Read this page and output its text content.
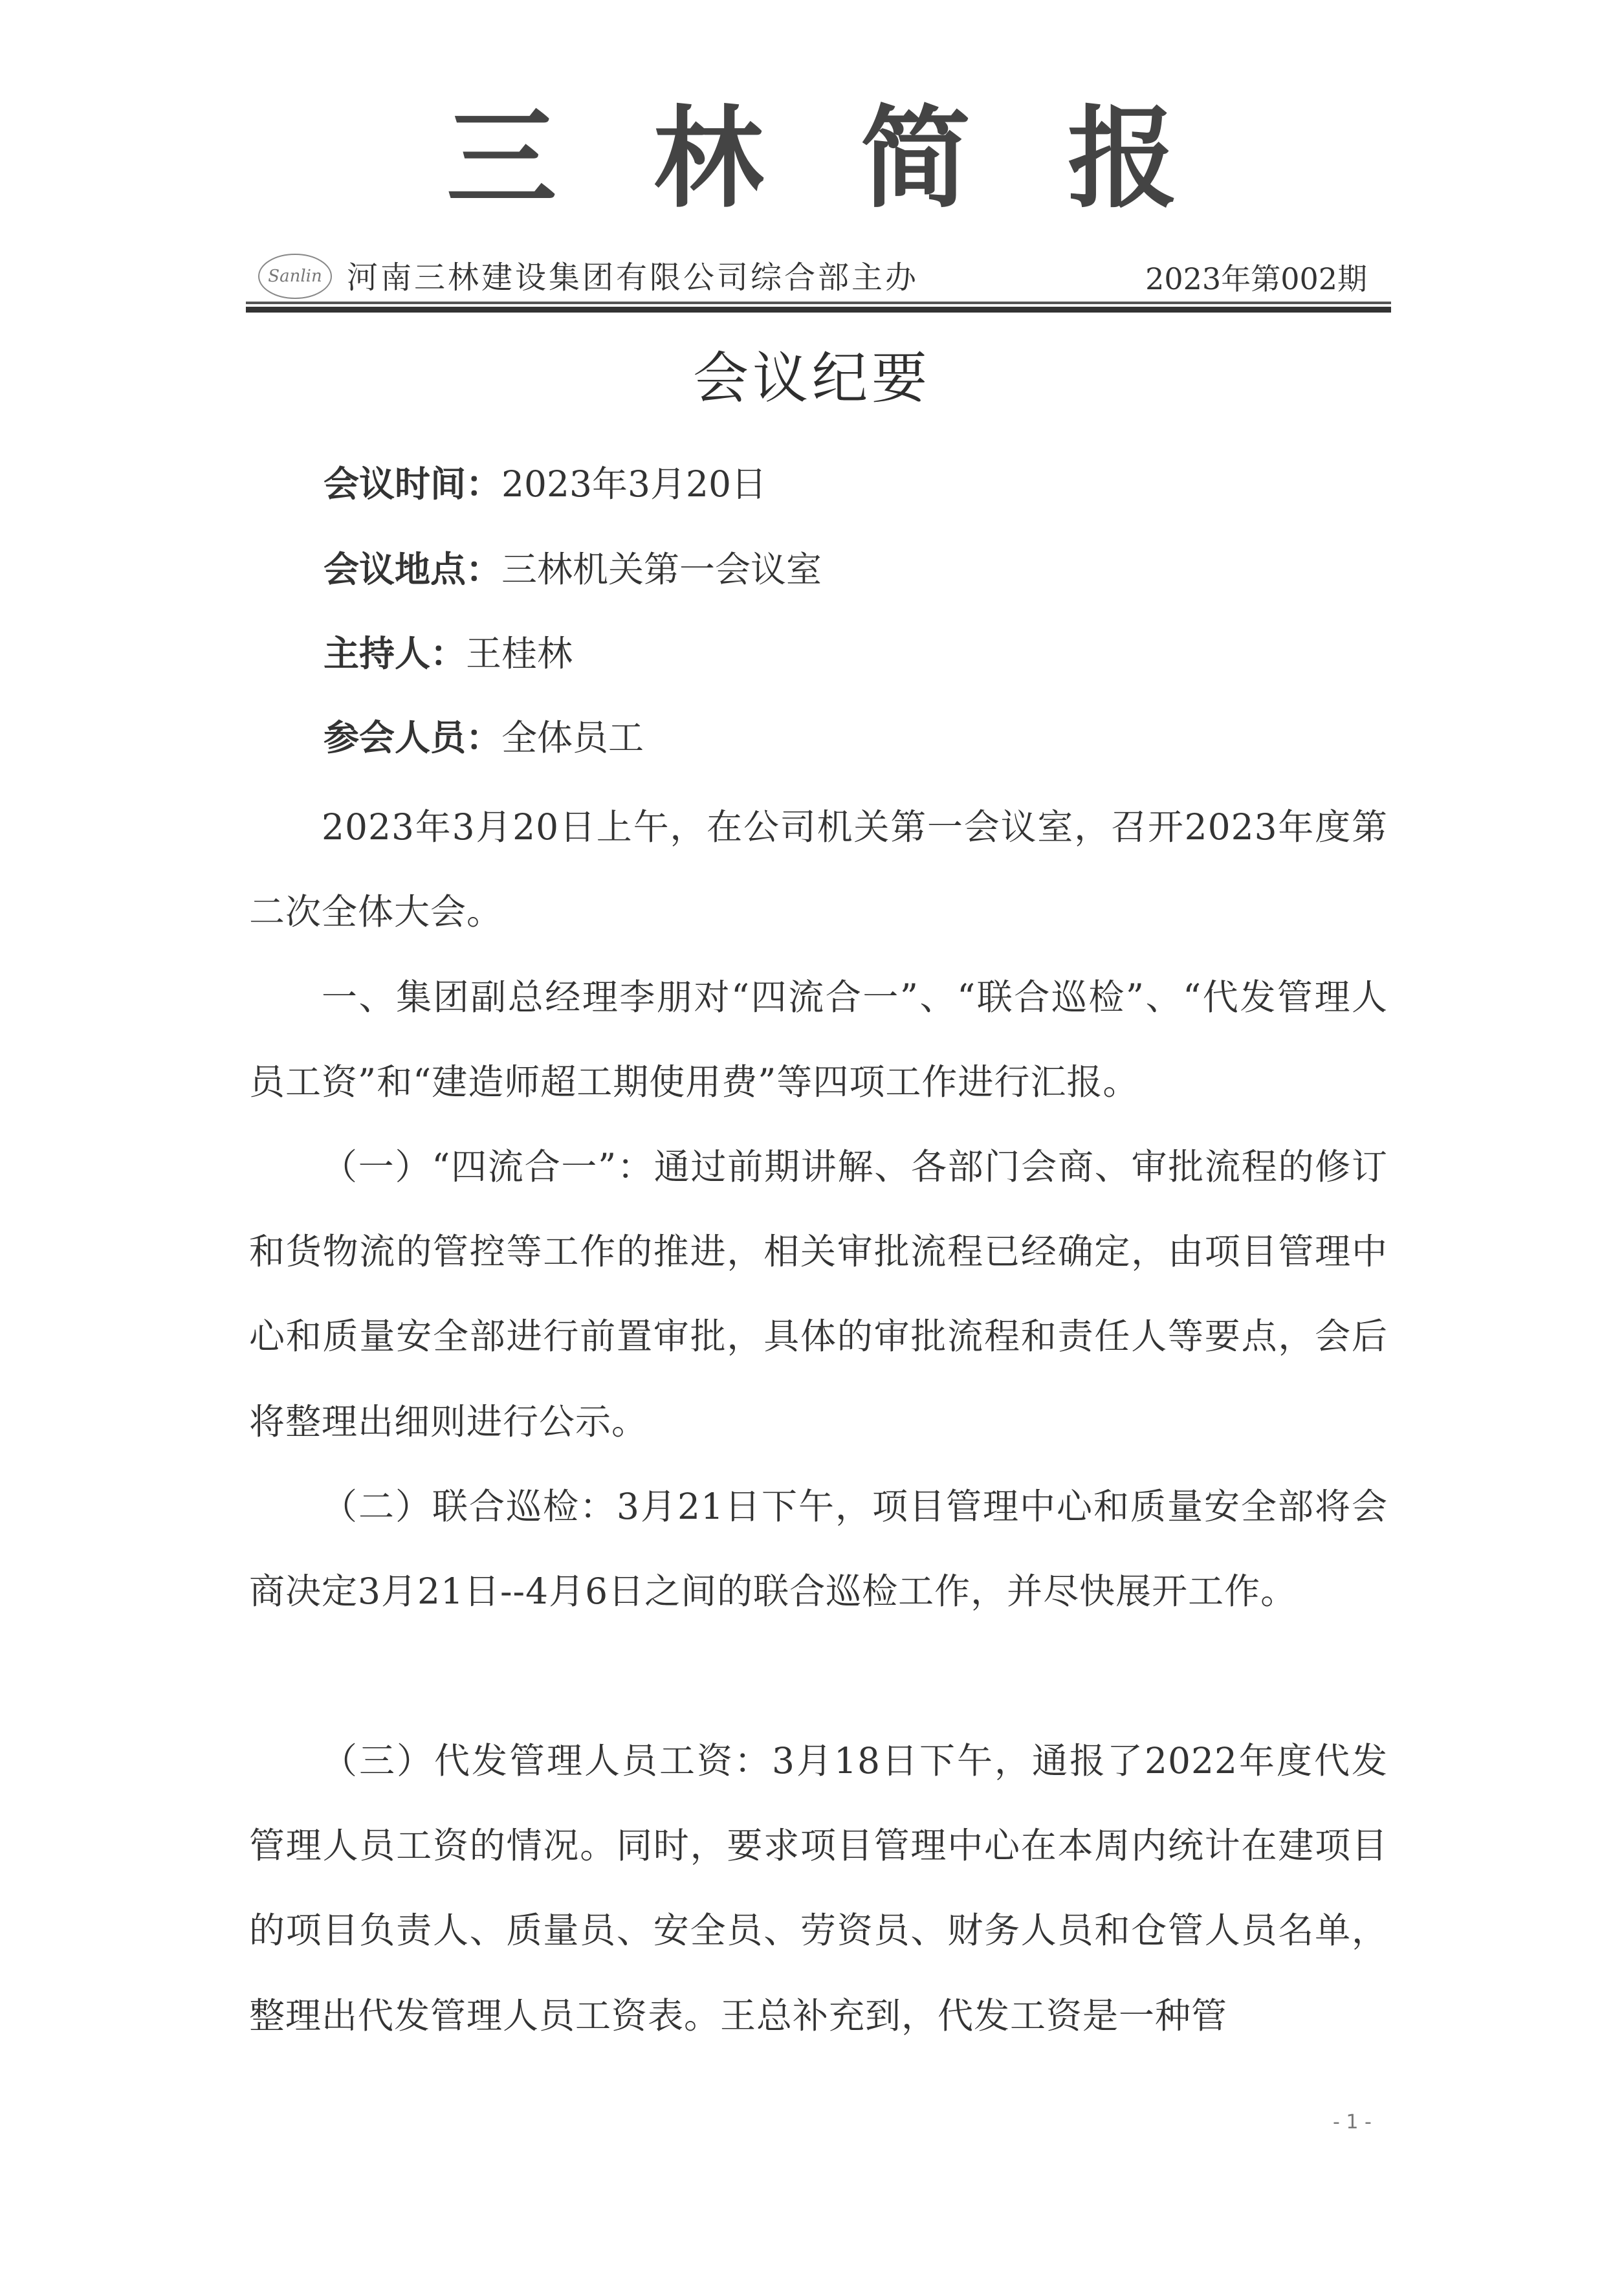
三林简报
Sanlin 河南三林建设集团有限公司综合部主办	2023年第002期
会议纪要
会议时间：2023年3月20日
会议地点：三林机关第一会议室
主持人：王桂林
参会人员：全体员工
2023年3月20日上午，在公司机关第一会议室，召开2023年度第二次全体大会。
一、集团副总经理李朋对“四流合一”、“联合巡检”、“代发管理人员工资”和“建造师超工期使用费”等四项工作进行汇报。
（一）“四流合一”：通过前期讲解、各部门会商、审批流程的修订和货物流的管控等工作的推进，相关审批流程已经确定，由项目管理中心和质量安全部进行前置审批，具体的审批流程和责任人等要点，会后将整理出细则进行公示。
（二）联合巡检：3月21日下午，项目管理中心和质量安全部将会商决定3月21日--4月6日之间的联合巡检工作，并尽快展开工作。
（三）代发管理人员工资：3月18日下午，通报了2022年度代发管理人员工资的情况。同时，要求项目管理中心在本周内统计在建项目的项目负责人、质量员、安全员、劳资员、财务人员和仓管人员名单，整理出代发管理人员工资表。王总补充到，代发工资是一种管
- 1 -
